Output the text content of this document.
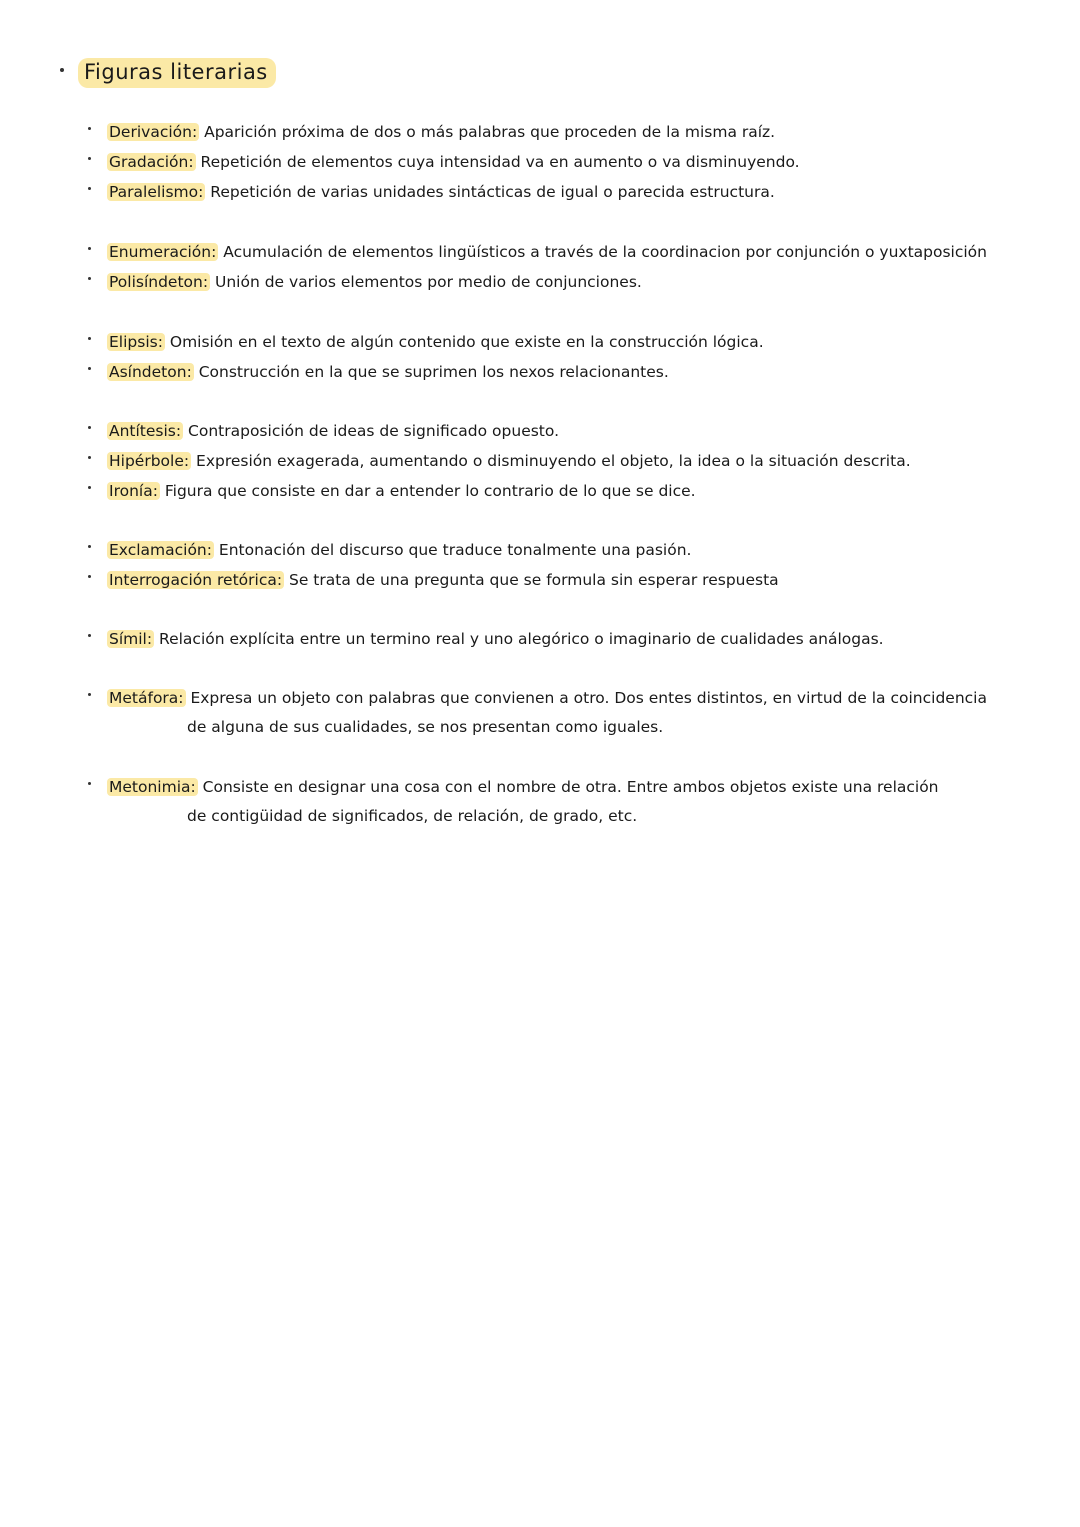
Figuras literarias
Derivación: Aparición próxima de dos o más palabras que proceden de la misma raíz.
Gradación: Repetición de elementos cuya intensidad va en aumento o va disminuyendo.
Paralelismo: Repetición de varias unidades sintácticas de igual o parecida estructura.
Enumeración: Acumulación de elementos lingüísticos a través de la coordinacion por conjunción o yuxtaposición
Polisíndeton: Unión de varios elementos por medio de conjunciones.
Elipsis: Omisión en el texto de algún contenido que existe en la construcción lógica.
Asíndeton: Construcción en la que se suprimen los nexos relacionantes.
Antítesis: Contraposición de ideas de significado opuesto.
Hipérbole: Expresión exagerada, aumentando o disminuyendo el objeto, la idea o la situación descrita.
Ironía: Figura que consiste en dar a entender lo contrario de lo que se dice.
Exclamación: Entonación del discurso que traduce tonalmente una pasión.
Interrogación retórica: Se trata de una pregunta que se formula sin esperar respuesta
Símil: Relación explícita entre un termino real y uno alegórico o imaginario de cualidades análogas.
Metáfora: Expresa un objeto con palabras que convienen a otro. Dos entes distintos, en virtud de la coincidencia
de alguna de sus cualidades, se nos presentan como iguales.
Metonimia: Consiste en designar una cosa con el nombre de otra. Entre ambos objetos existe una relación
de contigüidad de significados, de relación, de grado, etc.
